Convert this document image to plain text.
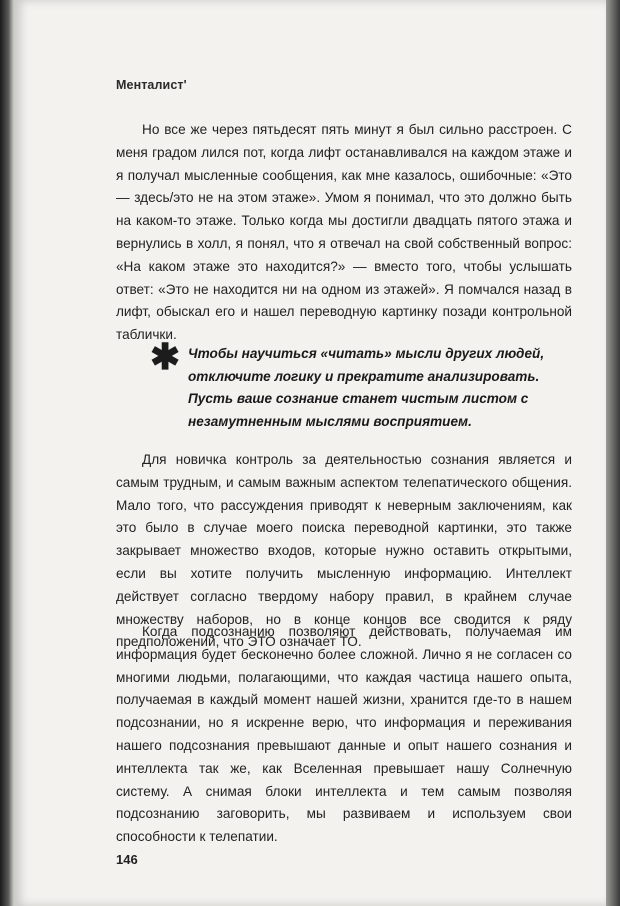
Менталист'

Но все же через пятьдесят пять минут я был сильно расстроен. С меня градом лился пот, когда лифт останавливался на каждом этаже и я получал мысленные сообщения, как мне казалось, ошибочные: «Это — здесь/это не на этом этаже». Умом я понимал, что это должно быть на каком-то этаже. Только когда мы достигли двадцать пятого этажа и вернулись в холл, я понял, что я отвечал на свой собственный вопрос: «На каком этаже это находится?» — вместо того, чтобы услышать ответ: «Это не находится ни на одном из этажей». Я помчался назад в лифт, обыскал его и нашел переводную картинку позади контрольной таблички.

✱ Чтобы научиться «читать» мысли других людей, отключите логику и прекратите анализировать. Пусть ваше сознание станет чистым листом с незамутненным мыслями восприятием.

Для новичка контроль за деятельностью сознания является и самым трудным, и самым важным аспектом телепатического общения. Мало того, что рассуждения приводят к неверным заключениям, как это было в случае моего поиска переводной картинки, это также закрывает множество входов, которые нужно оставить открытыми, если вы хотите получить мысленную информацию. Интеллект действует согласно твердому набору правил, в крайнем случае множеству наборов, но в конце концов все сводится к ряду предположений, что ЭТО означает ТО.

Когда подсознанию позволяют действовать, получаемая им информация будет бесконечно более сложной. Лично я не согласен со многими людьми, полагающими, что каждая частица нашего опыта, получаемая в каждый момент нашей жизни, хранится где-то в нашем подсознании, но я искренне верю, что информация и переживания нашего подсознания превышают данные и опыт нашего сознания и интеллекта так же, как Вселенная превышает нашу Солнечную систему. А снимая блоки интеллекта и тем самым позволяя подсознанию заговорить, мы развиваем и используем свои способности к телепатии.

146
